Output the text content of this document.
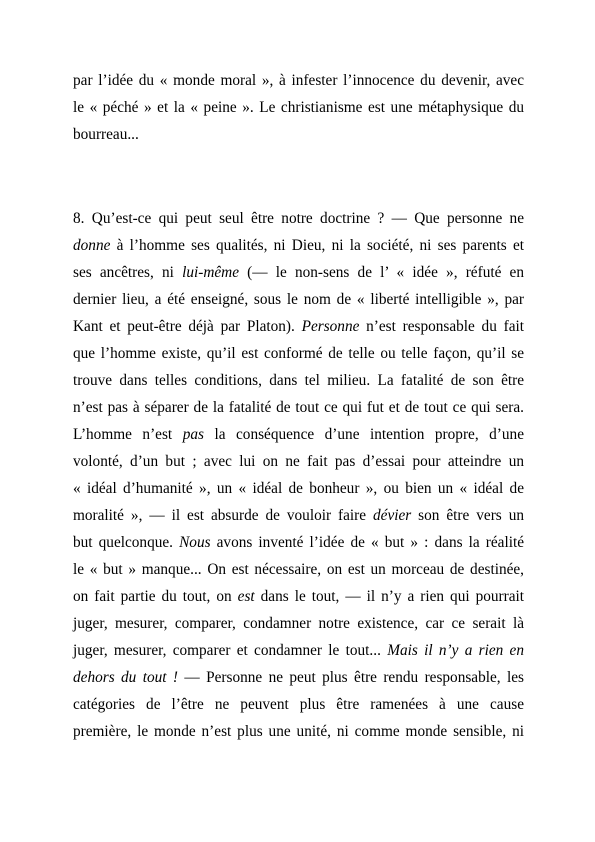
par l’idée du « monde moral », à infester l’innocence du devenir, avec
le « péché » et la « peine ». Le christianisme est une métaphysique du
bourreau...
8. Qu’est-ce qui peut seul être notre doctrine ? — Que personne ne
donne à l’homme ses qualités, ni Dieu, ni la société, ni ses parents et
ses ancêtres, ni lui-même (— le non-sens de l’ « idée », réfuté en
dernier lieu, a été enseigné, sous le nom de « liberté intelligible », par
Kant et peut-être déjà par Platon). Personne n’est responsable du fait
que l’homme existe, qu’il est conformé de telle ou telle façon, qu’il se
trouve dans telles conditions, dans tel milieu. La fatalité de son être
n’est pas à séparer de la fatalité de tout ce qui fut et de tout ce qui sera.
L’homme n’est pas la conséquence d’une intention propre, d’une
volonté, d’un but ; avec lui on ne fait pas d’essai pour atteindre un
« idéal d’humanité », un « idéal de bonheur », ou bien un « idéal de
moralité », — il est absurde de vouloir faire dévier son être vers un
but quelconque. Nous avons inventé l’idée de « but » : dans la réalité
le « but » manque... On est nécessaire, on est un morceau de destinée,
on fait partie du tout, on est dans le tout, — il n’y a rien qui pourrait
juger, mesurer, comparer, condamner notre existence, car ce serait là
juger, mesurer, comparer et condamner le tout... Mais il n’y a rien en
dehors du tout ! — Personne ne peut plus être rendu responsable, les
catégories de l’être ne peuvent plus être ramenées à une cause
première, le monde n’est plus une unité, ni comme monde sensible, ni
